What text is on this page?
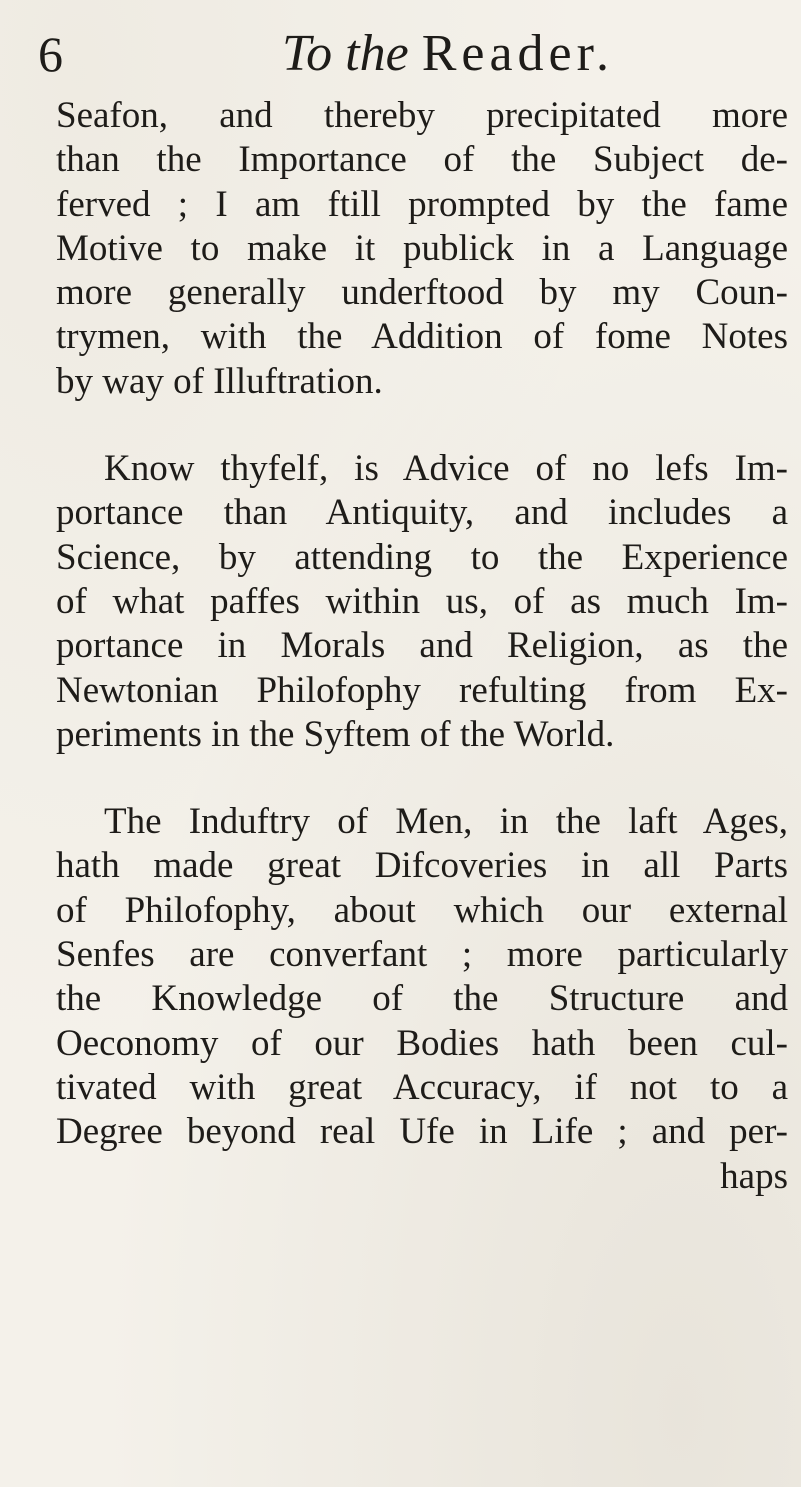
6	To the Reader.
Seafon, and thereby precipitated more
than the Importance of the Subject de-
ferved ; I am ftill prompted by the fame
Motive to make it publick in a Language
more generally underftood by my Coun-
trymen, with the Addition of fome Notes
by way of Illuftration.
Know thyfelf, is Advice of no lefs Im-
portance than Antiquity, and includes a
Science, by attending to the Experience
of what paffes within us, of as much Im-
portance in Morals and Religion, as the
Newtonian Philofophy refulting from Ex-
periments in the Syftem of the World.
The Induftry of Men, in the laft Ages,
hath made great Difcoveries in all Parts
of Philofophy, about which our external
Senfes are converfant ; more particularly
the Knowledge of the Structure and
Oeconomy of our Bodies hath been cul-
tivated with great Accuracy, if not to a
Degree beyond real Ufe in Life ; and per-
haps
